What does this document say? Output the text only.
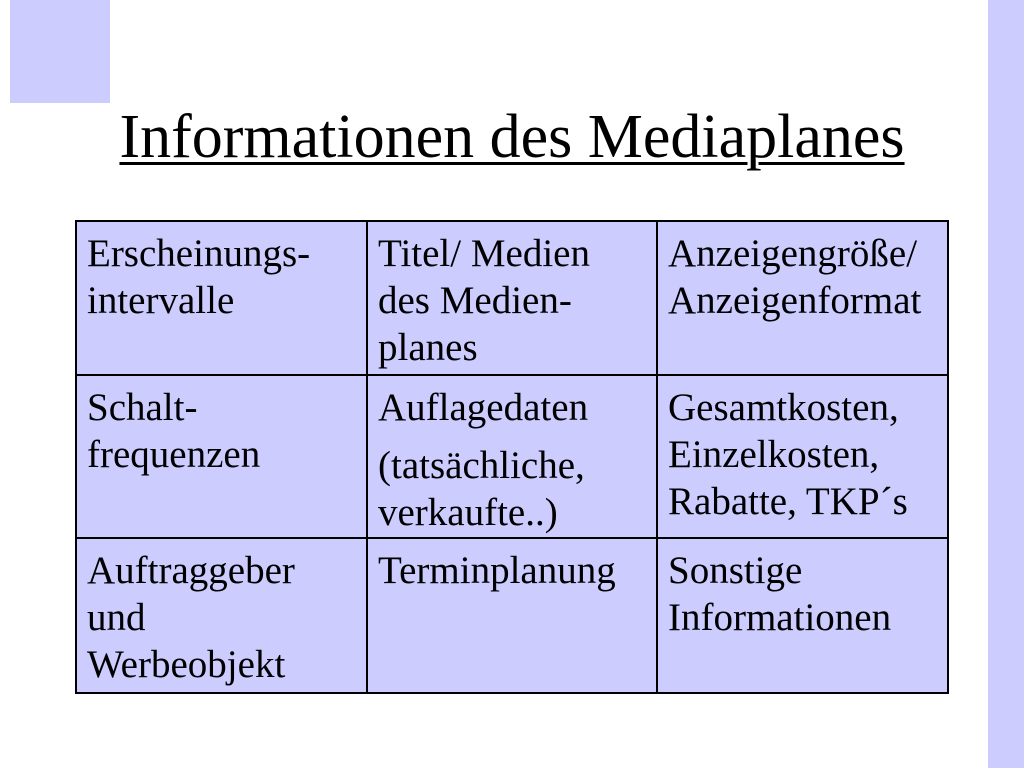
Informationen des Mediaplanes
Erscheinungs-
intervalle
Titel/ Medien
des Medien-
planes
Anzeigengröße/
Anzeigenformat
Schalt-
frequenzen
Auflagedaten
(tatsächliche,
verkaufte..)
Gesamtkosten,
Einzelkosten,
Rabatte, TKP´s
Auftraggeber
und
Werbeobjekt
Terminplanung	Sonstige
Informationen
